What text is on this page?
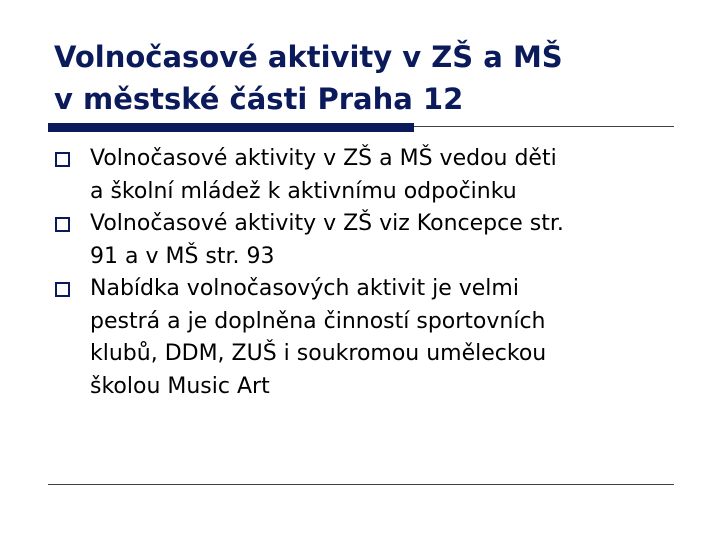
Volnočasové aktivity v ZŠ a MŠ
v městské části Praha 12
Volnočasové aktivity v ZŠ a MŠ vedou děti
a školní mládež k aktivnímu odpočinku
Volnočasové aktivity v ZŠ viz Koncepce str.
91 a v MŠ str. 93
Nabídka volnočasových aktivit je velmi
pestrá a je doplněna činností sportovních
klubů, DDM, ZUŠ i soukromou uměleckou
školou Music Art
